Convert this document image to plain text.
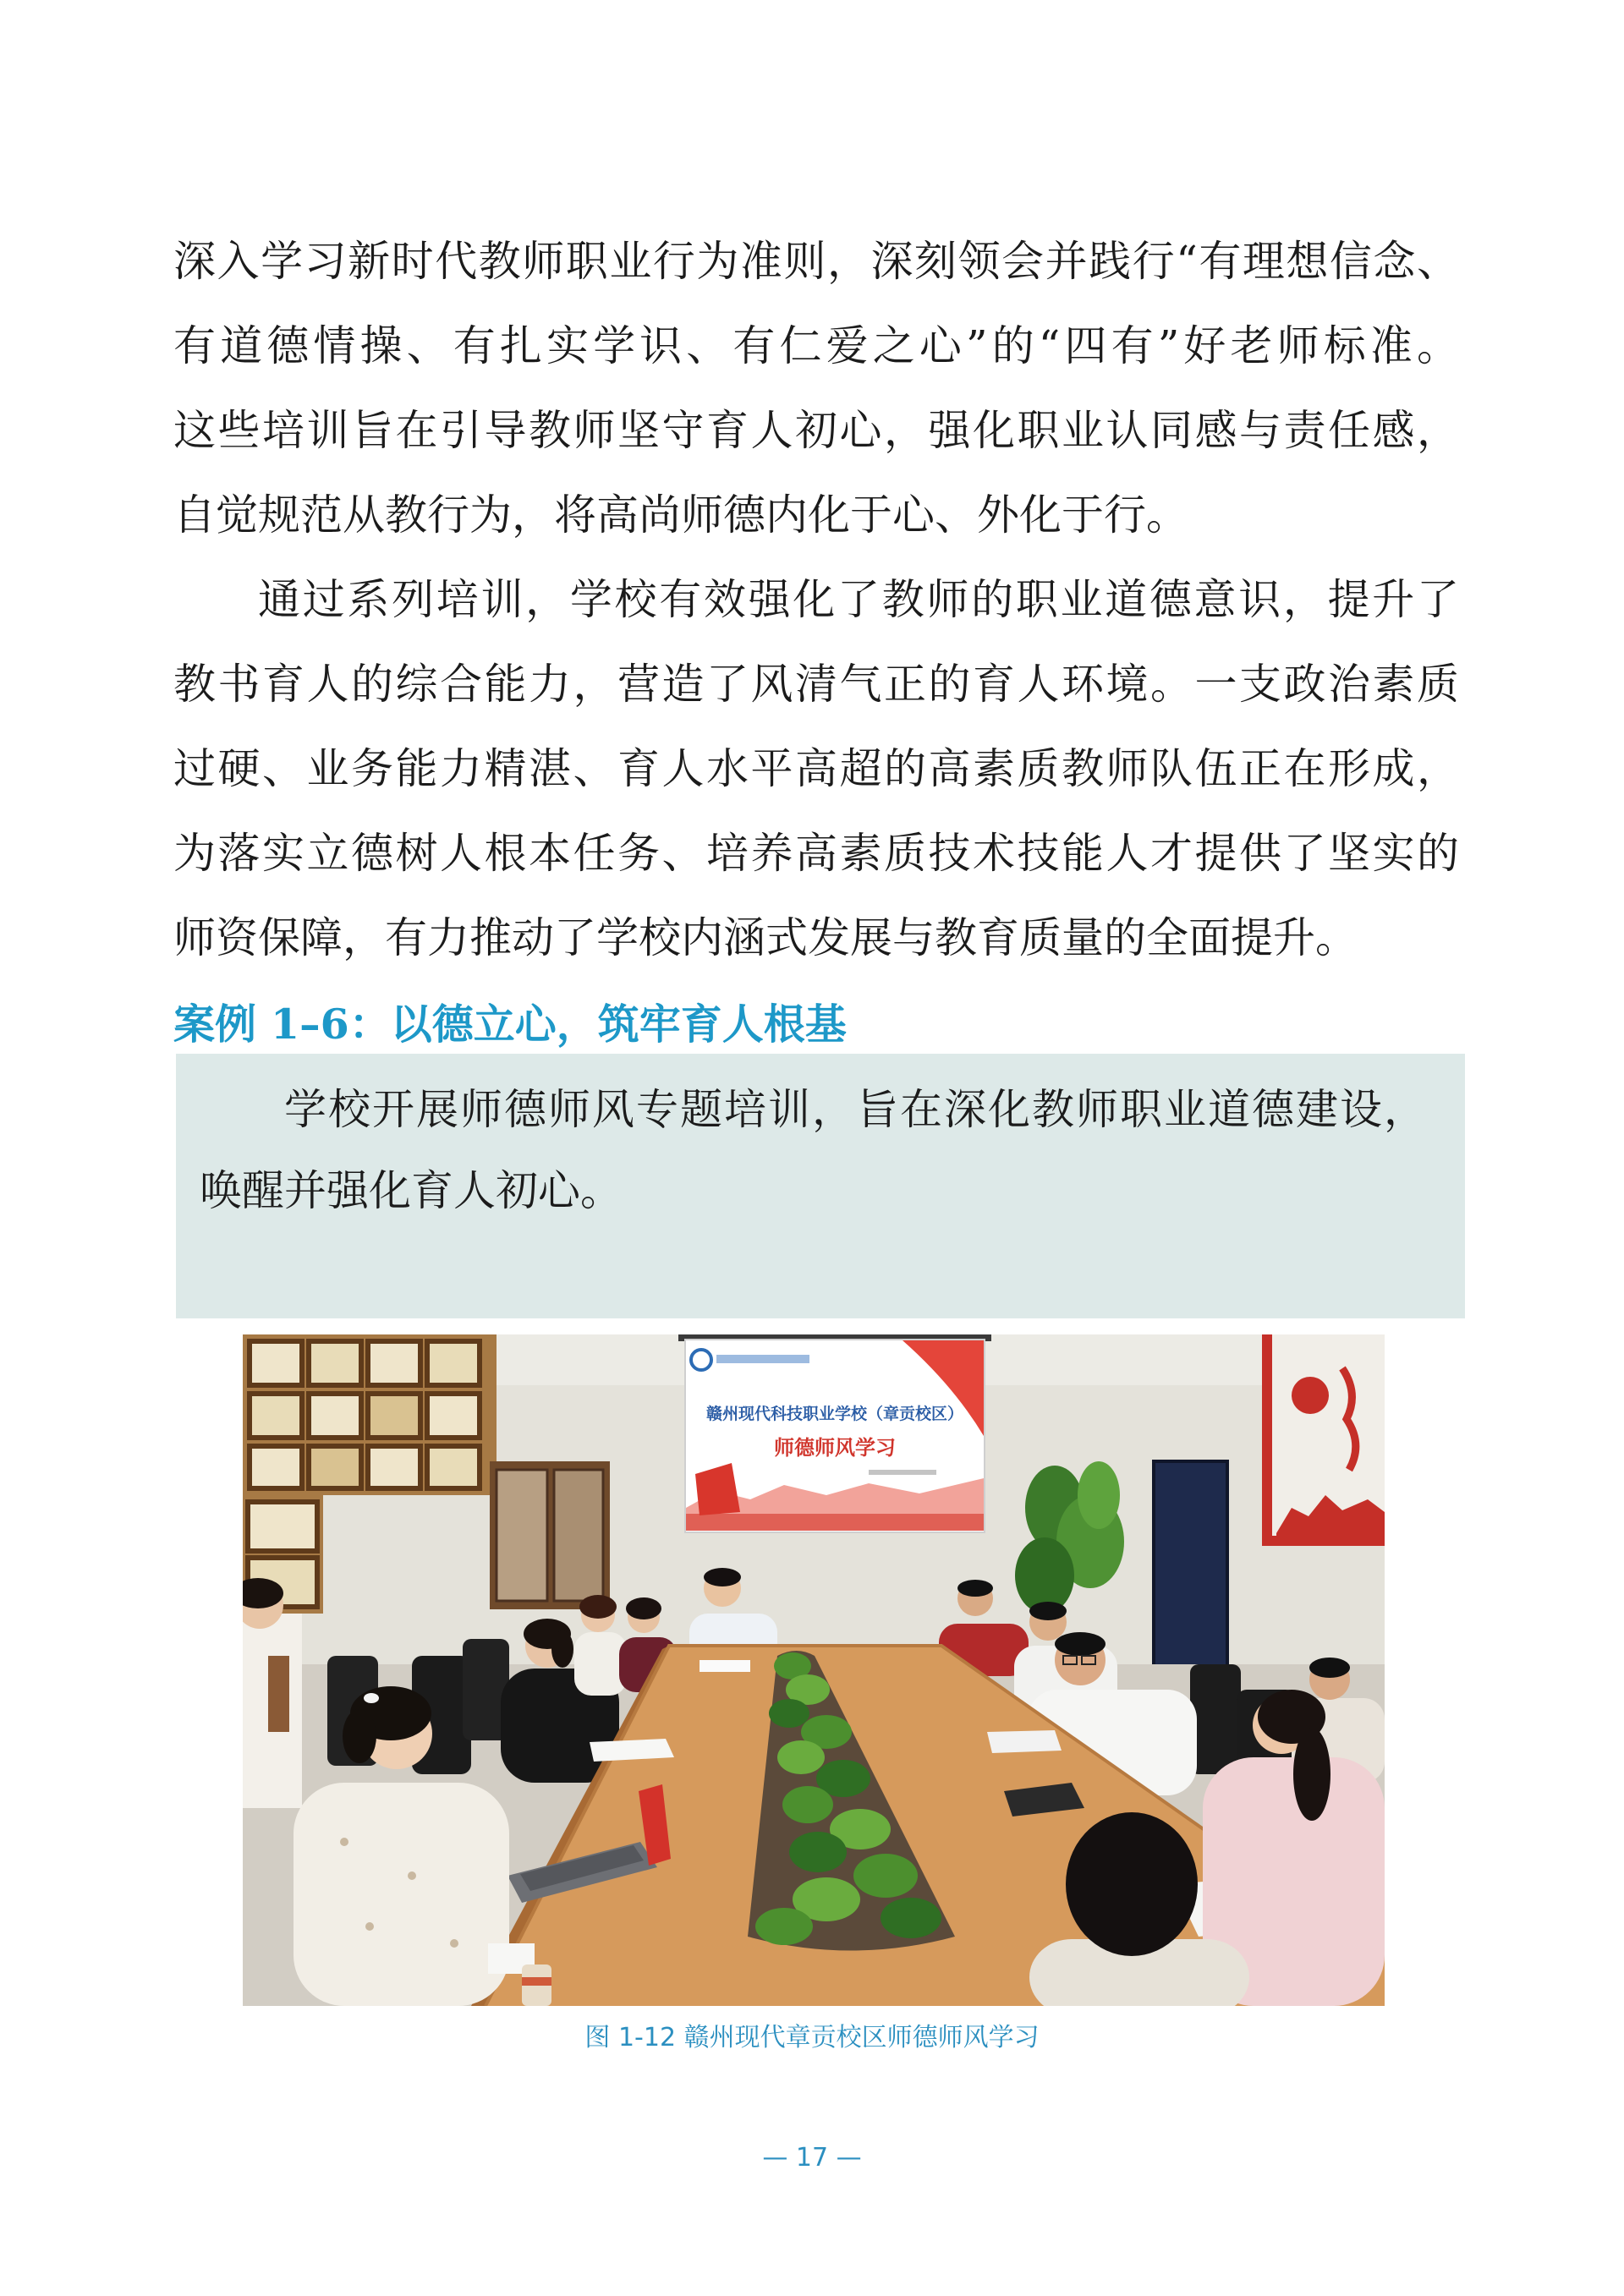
深入学习新时代教师职业行为准则，深刻领会并践行“有理想信念、
有道德情操、有扎实学识、有仁爱之心”的“四有”好老师标准。
这些培训旨在引导教师坚守育人初心，强化职业认同感与责任感，
自觉规范从教行为，将高尚师德内化于心、外化于行。
通过系列培训，学校有效强化了教师的职业道德意识，提升了
教书育人的综合能力，营造了风清气正的育人环境。一支政治素质
过硬、业务能力精湛、育人水平高超的高素质教师队伍正在形成，
为落实立德树人根本任务、培养高素质技术技能人才提供了坚实的
师资保障，有力推动了学校内涵式发展与教育质量的全面提升。
案例 1–6：以德立心，筑牢育人根基
学校开展师德师风专题培训，旨在深化教师职业道德建设，
唤醒并强化育人初心。
赣州现代科技职业学校（章贡校区）
师德师风学习
图 1-12 赣州现代章贡校区师德师风学习
— 17 —
